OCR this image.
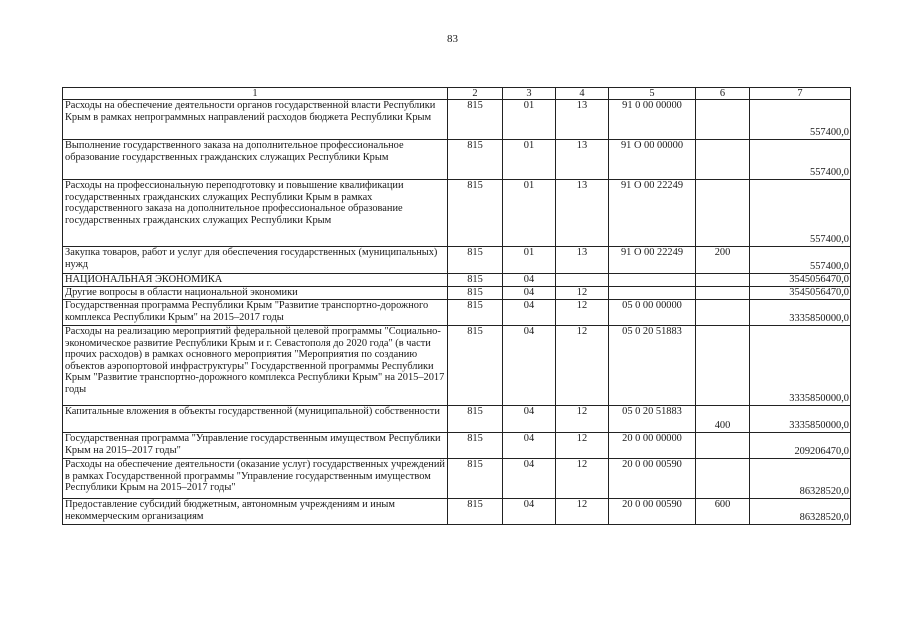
83
1	2	3	4	5	6	7
Расходы на обеспечение деятельности органов государственной власти Республики Крым в рамках непрограммных направлений расходов бюджета Республики Крым	815	01	13	91 0 00 00000		557400,0
Выполнение государственного заказа на дополнительное профессиональное образование государственных гражданских служащих Республики Крым	815	01	13	91 О 00 00000		557400,0
Расходы на профессиональную переподготовку и повышение квалификации государственных гражданских служащих Республики Крым в рамках государственного заказа на дополнительное профессиональное образование государственных гражданских служащих Республики Крым	815	01	13	91 О 00 22249		557400,0
Закупка товаров, работ и услуг для обеспечения государственных (муниципальных) нужд	815	01	13	91 О 00 22249	200	557400,0
НАЦИОНАЛЬНАЯ ЭКОНОМИКА	815	04				3545056470,0
Другие вопросы в области национальной экономики	815	04	12			3545056470,0
Государственная программа Республики Крым "Развитие транспортно-дорожного комплекса Республики Крым" на 2015–2017 годы	815	04	12	05 0 00 00000		3335850000,0
Расходы на реализацию мероприятий федеральной целевой программы "Социально-экономическое развитие Республики Крым и г. Севастополя до 2020 года" (в части прочих расходов) в рамках основного мероприятия "Мероприятия по созданию объектов аэропортовой инфраструктуры" Государственной программы Республики Крым "Развитие транспортно-дорожного комплекса Республики Крым" на 2015–2017 годы	815	04	12	05 0 20 51883		3335850000,0
Капитальные вложения в объекты государственной (муниципальной) собственности	815	04	12	05 0 20 51883	400	3335850000,0
Государственная программа "Управление государственным имуществом Республики Крым на 2015–2017 годы"	815	04	12	20 0 00 00000		209206470,0
Расходы на обеспечение деятельности (оказание услуг) государственных учреждений в рамках Государственной программы "Управление государственным имуществом Республики Крым на 2015–2017 годы"	815	04	12	20 0 00 00590		86328520,0
Предоставление субсидий бюджетным, автономным учреждениям и иным некоммерческим организациям	815	04	12	20 0 00 00590	600	86328520,0
